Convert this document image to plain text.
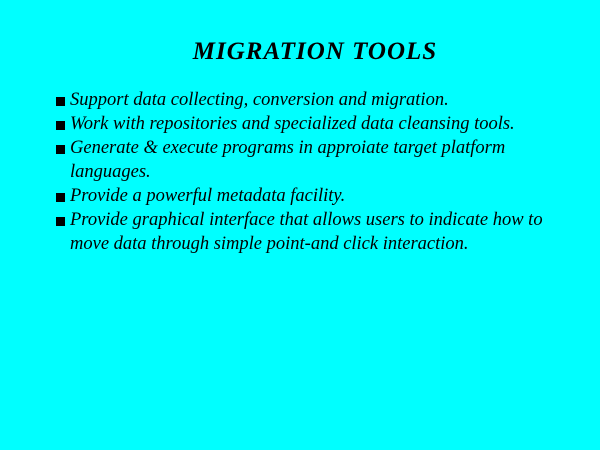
MIGRATION TOOLS
Support data collecting, conversion and migration.
Work with repositories and specialized data cleansing tools.
Generate & execute programs in approiate target platform languages.
Provide a powerful metadata facility.
Provide graphical interface that allows users to indicate how to move data through simple point-and click interaction.
